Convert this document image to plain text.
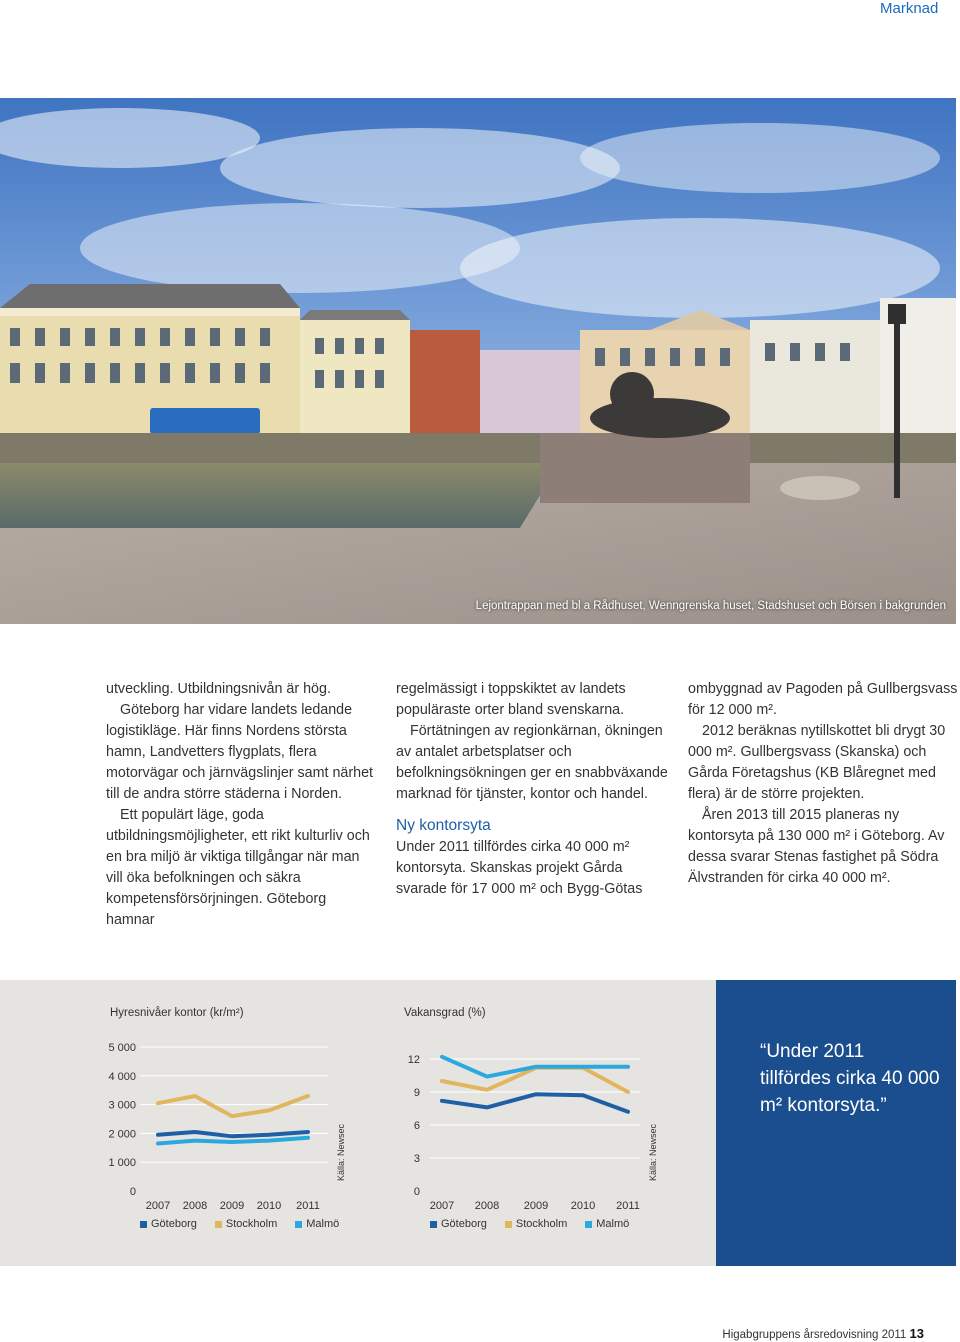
Marknad
Lejontrappan med bl a Rådhuset, Wenngrenska huset, Stadshuset och Börsen i bakgrunden

utveckling. Utbildningsnivån är hög.

Göteborg har vidare landets ledande logistikläge. Här finns Nordens största hamn, Landvetters flygplats, flera motorvägar och järnvägslinjer samt närhet till de andra större städerna i Norden.

Ett populärt läge, goda utbildningsmöjligheter, ett rikt kulturliv och en bra miljö är viktiga tillgångar när man vill öka befolkningen och säkra kompetensförsörjningen. Göteborg hamnar

regelmässigt i toppskiktet av landets populäraste orter bland svenskarna.

Förtätningen av regionkärnan, ökningen av antalet arbetsplatser och befolkningsökningen ger en snabbväxande marknad för tjänster, kontor och handel.

Ny kontorsyta

Under 2011 tillfördes cirka 40 000 m² kontorsyta. Skanskas projekt Gårda svarade för 17 000 m² och Bygg-Götas

ombyggnad av Pagoden på Gullbergsvass för 12 000 m².

2012 beräknas nytillskottet bli drygt 30 000 m². Gullbergsvass (Skanska) och Gårda Företagshus (KB Blåregnet med flera) är de större projekten.

Åren 2013 till 2015 planeras ny kontorsyta på 130 000 m² i Göteborg. Av dessa svarar Stenas fastighet på Södra Älvstranden för cirka 40 000 m².

“Under 2011 tillfördes cirka 40 000 m² kontorsyta.”
Hyresnivåer kontor (kr/m²)
0
1 000
2 000
3 000
4 000
5 000
2007 2008 2009 2010 2011
Källa: Newsec
Göteborg	Stockholm	Malmö
Vakansgrad (%)
0
3
6
9
12
2007 2008 2009 2010 2011
Källa: Newsec
Göteborg	Stockholm	Malmö
Higabgruppens årsredovisning 2011 13
